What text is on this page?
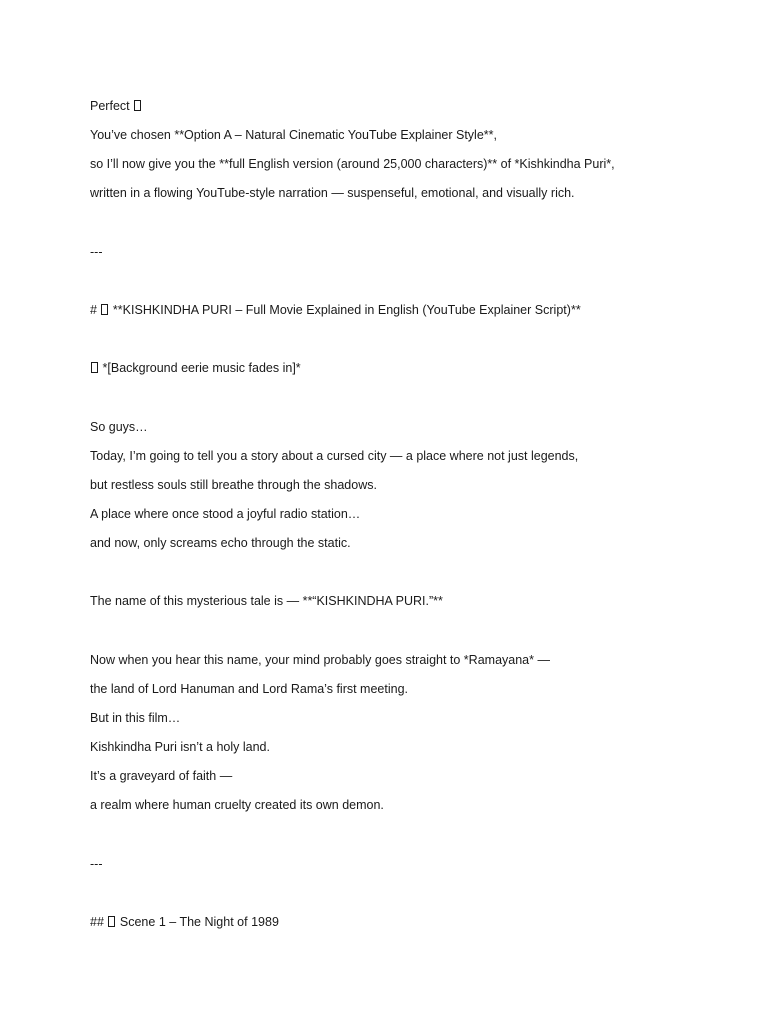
Perfect
You’ve chosen **Option A – Natural Cinematic YouTube Explainer Style**,
so I’ll now give you the **full English version (around 25,000 characters)** of *Kishkindha Puri*,
written in a flowing YouTube-style narration — suspenseful, emotional, and visually rich.
---
# **KISHKINDHA PURI – Full Movie Explained in English (YouTube Explainer Script)**
*[Background eerie music fades in]*
So guys…
Today, I’m going to tell you a story about a cursed city — a place where not just legends,
but restless souls still breathe through the shadows.
A place where once stood a joyful radio station…
and now, only screams echo through the static.
The name of this mysterious tale is — **“KISHKINDHA PURI.”**
Now when you hear this name, your mind probably goes straight to *Ramayana* —
the land of Lord Hanuman and Lord Rama’s first meeting.
But in this film…
Kishkindha Puri isn’t a holy land.
It’s a graveyard of faith —
a realm where human cruelty created its own demon.
---
## Scene 1 – The Night of 1989
